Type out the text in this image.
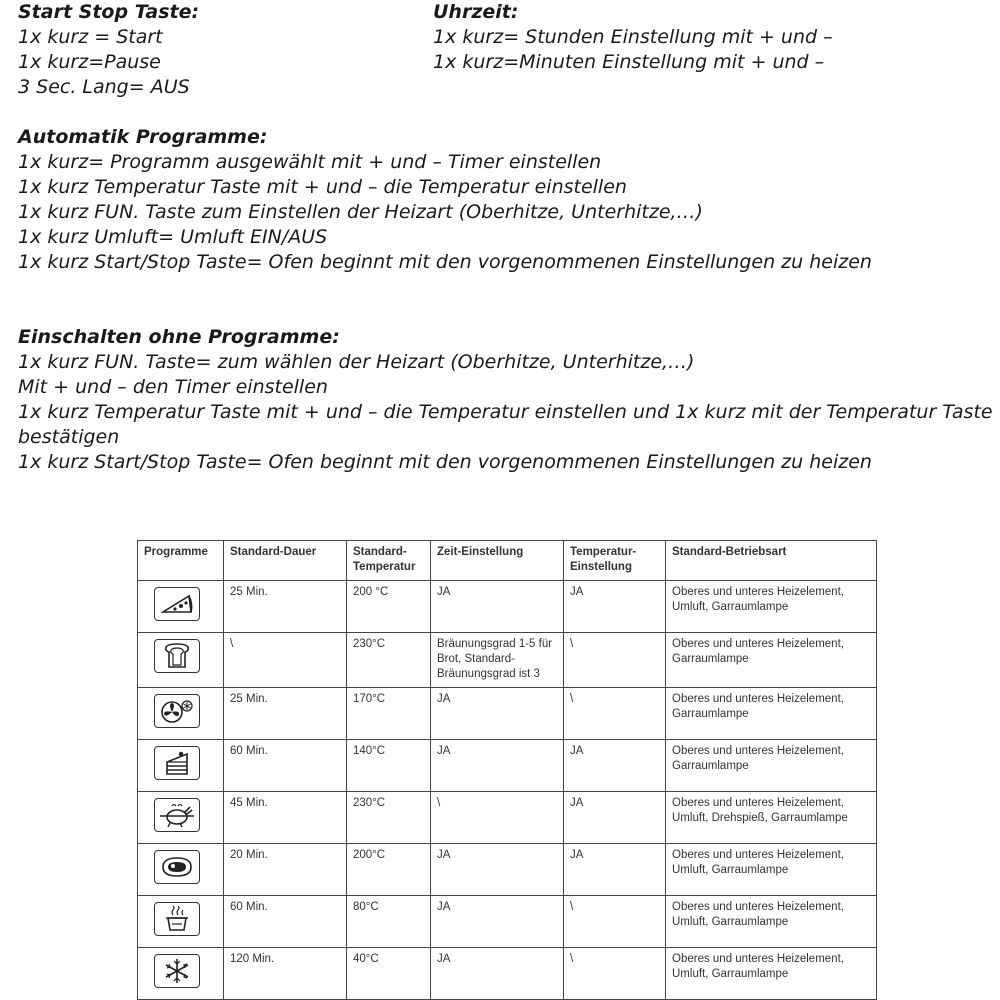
Start Stop Taste:
1x kurz = Start
1x kurz=Pause
3 Sec. Lang= AUS
Uhrzeit:
1x kurz= Stunden Einstellung mit + und –
1x kurz=Minuten Einstellung mit + und –
Automatik Programme:
1x kurz= Programm ausgewählt mit + und – Timer einstellen
1x kurz Temperatur Taste mit + und – die Temperatur einstellen
1x kurz FUN. Taste zum Einstellen der Heizart (Oberhitze, Unterhitze,…)
1x kurz Umluft= Umluft EIN/AUS
1x kurz Start/Stop Taste= Ofen beginnt mit den vorgenommenen Einstellungen zu heizen
Einschalten ohne Programme:
1x kurz FUN. Taste= zum wählen der Heizart (Oberhitze, Unterhitze,…)
Mit + und – den Timer einstellen
1x kurz Temperatur Taste mit + und – die Temperatur einstellen und 1x kurz mit der Temperatur Taste bestätigen
1x kurz Start/Stop Taste= Ofen beginnt mit den vorgenommenen Einstellungen zu heizen
Programme	Standard-Dauer	Standard-Temperatur	Zeit-Einstellung	Temperatur-Einstellung	Standard-Betriebsart

	25 Min.	200 °C	JA	JA	Oberes und unteres Heizelement, Umluft, Garraumlampe

	\	230°C	Bräunungsgrad 1-5 für Brot, Standard-Bräunungsgrad ist 3	\	Oberes und unteres Heizelement, Garraumlampe

	25 Min.	170°C	JA	\	Oberes und unteres Heizelement, Garraumlampe

	60 Min.	140°C	JA	JA	Oberes und unteres Heizelement, Garraumlampe

	45 Min.	230°C	\	JA	Oberes und unteres Heizelement, Umluft, Drehspieß, Garraumlampe

	20 Min.	200°C	JA	JA	Oberes und unteres Heizelement, Umluft, Garraumlampe

	60 Min.	80°C	JA	\	Oberes und unteres Heizelement, Umluft, Garraumlampe

	120 Min.	40°C	JA	\	Oberes und unteres Heizelement, Umluft, Garraumlampe
